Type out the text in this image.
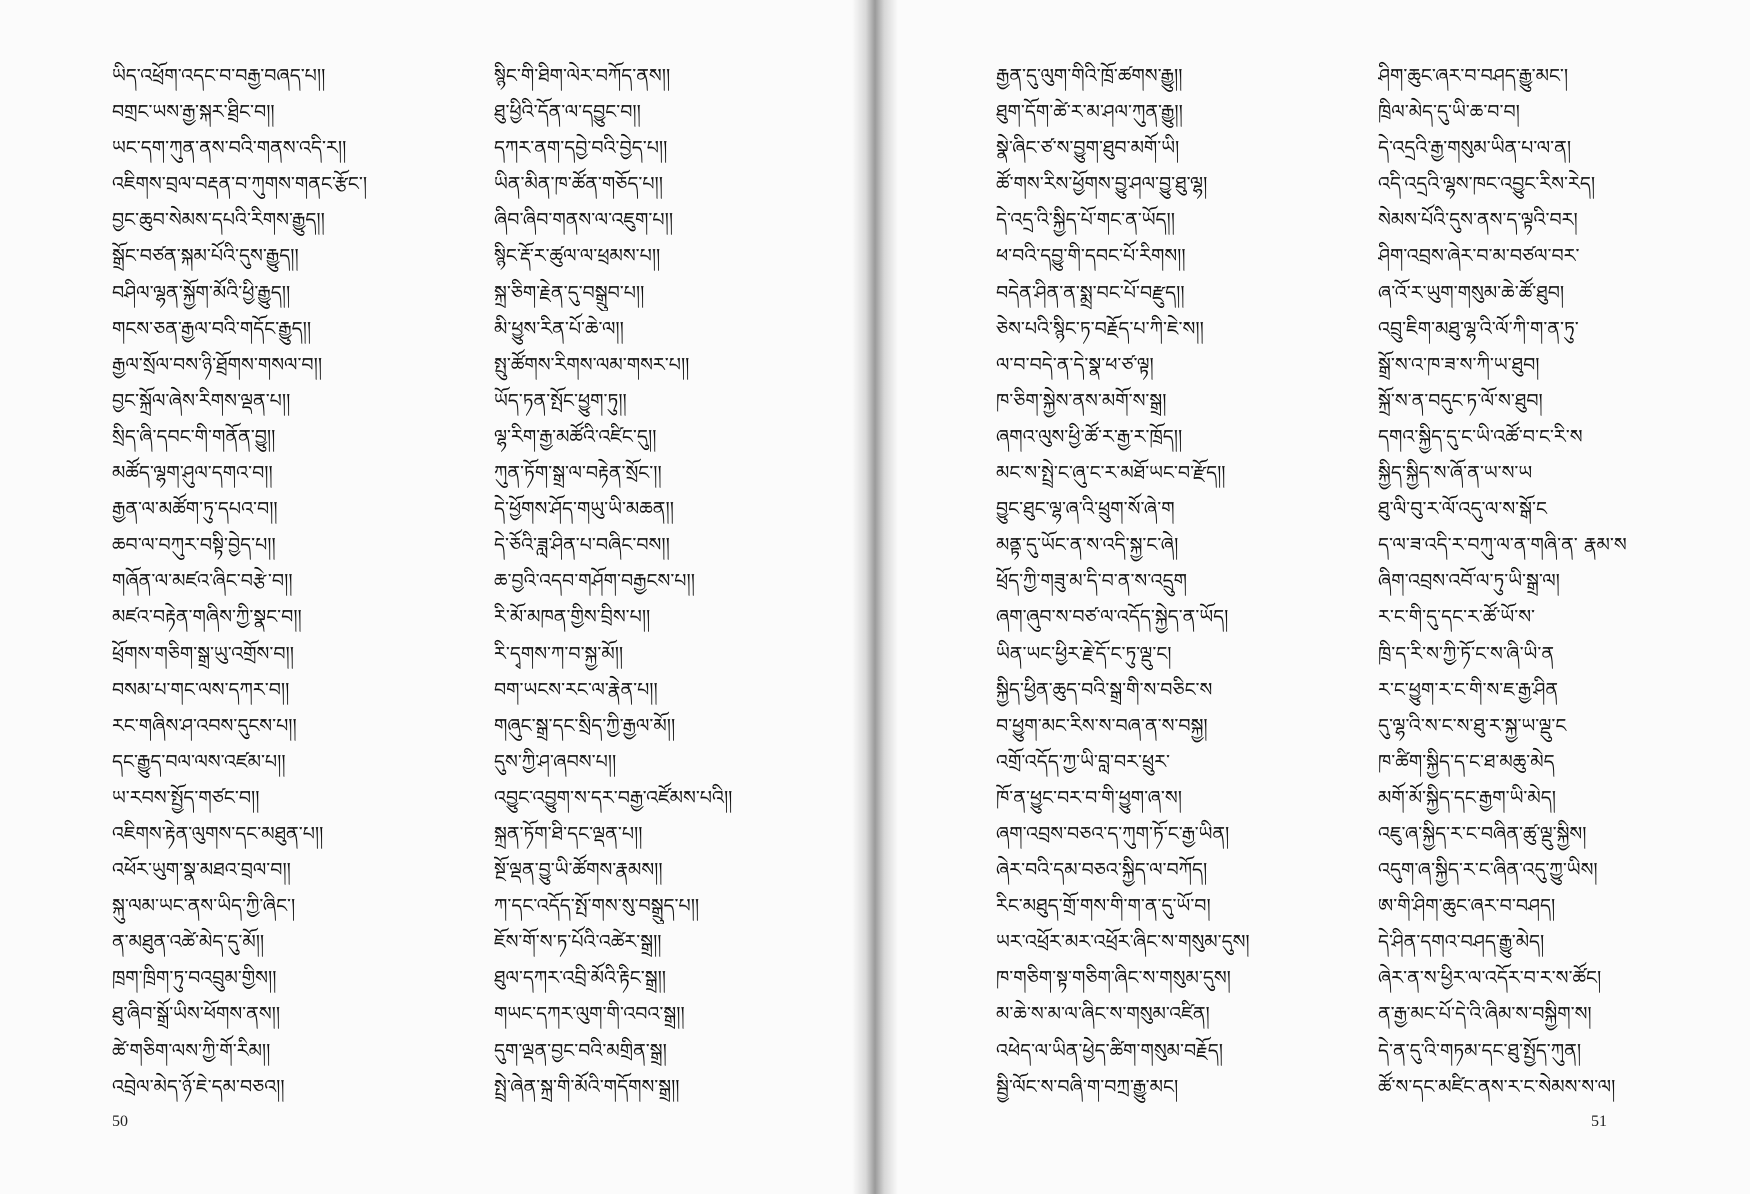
ཡིད་འཕྲོག་འདང་བ་བརྒྱ་བཞད་པ།།
བགྲང་ཡས་རྒྱ་སྐར་ཐྲིང་བ།།
ཡང་དག་ཀུན་ནས་བའི་གནས་འདི་ར།།
འཇིགས་བྲལ་བརྡན་བ་ཀུགས་གནང་རྩོང་།
བྱང་ཆུབ་སེམས་དཔའི་རིགས་རྒྱུད།།
སྒྲོང་བཙན་སྐམ་པོའི་དུས་རྒྱུད།།
བཤིལ་ལྷན་སྐྱོག་མོའི་ཕྱི་རྒྱུད།།
གངས་ཅན་རྒྱལ་བའི་གདོང་རྒྱུད།།
རྒྱལ་སྲོལ་བས་ཉི་ཐྲོགས་གསལ་བ།།
བྱང་སྐྲོལ་ཞེས་རིགས་ལྡན་པ།།
སྲིད་ཞི་དབང་གི་གནོན་བྱུ།།
མཚོད་ལྷག་ཤུལ་དགའ་བ།།
རྒྱན་ལ་མཚོག་ཏུ་དཔའ་བ།།
ཆབ་ལ་བཀུར་བསྟི་བྱེད་པ།།
གཞོན་ལ་མཛའ་ཞིང་བརྩེ་བ།།
མཛའ་བརྟེན་གཞིས་ཀྱི་སྣང་བ།།
ཕྲོགས་གཅིག་སྒྲ་ཡུ་འགྲོས་བ།།
བསམ་པ་གང་ལས་དཀར་བ།།
རང་གཞིས་ཤ་འབས་དུངས་པ།།
དང་རྒྱུད་བལ་ལས་འཛམ་པ།།
ཡ་རབས་སྤྱོད་གཙང་བ།།
འཇིགས་རྟེན་ལུགས་དང་མཐུན་པ།།
འཕོར་ཡུག་སྣ་མཐའ་བྲལ་བ།།
སྐུ་ལམ་ཡང་ནས་ཡིད་ཀྱི་ཞིང་།
ན་མཐུན་འཚེ་མེད་དུ་མོ།།
ཁྲག་ཁྲིག་ཏུ་བའབྲུམ་གྱིས།།
ཐུ་ཞིབ་སྒྲོ་ཡིས་ཕོགས་ནས།།
ཚེ་གཅིག་ལས་ཀྱི་གོ་རིམ།།
འབྲེལ་མེད་ཉོ་ཇེ་དམ་བཅའ།།
སྙིང་གི་ཐིག་ལེར་བཀོད་ནས།།
ཐུ་ཕྱིའི་དོན་ལ་དབྱུང་བ།།
དཀར་ནག་དབྱེ་བའི་བྱེད་པ།།
ཡིན་མིན་ཁ་ཚོན་གཅོད་པ།།
ཞིབ་ཞིབ་གནས་ལ་འཇུག་པ།།
སྙིང་རྡོ་ར་ཚུལ་ལ་ཕྲམས་པ།།
སྐྲ་ཅིག་རྗེན་དུ་བསྒྲུབ་པ།།
མི་ཕྱུས་རིན་པོ་ཆེ་ལ།།
སྤུ་ཚོགས་རིགས་ལམ་གསར་པ།།
ཡོད་ཏན་སྤོང་ཕྱུག་ཏུ།།
ལྷ་རིག་རྒྱ་མཚོའི་འཛིང་དུ།།
ཀུན་ཏོག་སྒྲ་ལ་བརྟེན་སྲོང་།།
དེ་ཕྱོགས་ཤོད་གཡུ་ཡི་མཆན།།
དེ་ཅོའི་ཟླ་ཤིན་པ་བཞིང་བས།།
ཆ་བྱའི་འདབ་གཤོག་བརྒྱངས་པ།།
རི་མོ་མཁན་གྱིས་བྲིས་པ།།
རི་དྭགས་ཀ་བ་སྐྱ་མོ།།
བག་ཡངས་རང་ལ་རྣེན་པ།།
གཞུང་སྒྲ་དང་སྲིད་ཀྱི་རྒྱལ་མོ།།
དུས་ཀྱི་ཤ་ཞབས་པ།།
འབྱུང་འབྱུག་ས་དར་བརྒྱ་འཛོམས་པའི།།
སྐྲན་ཏོག་ཐི་དང་ལྡན་པ།།
སྔོ་ལྡན་བྱུ་ཡི་ཚོགས་རྣམས།།
ཀ་དང་འདོད་སྤོ་གས་སུ་བསྒྲུད་པ།།
ཇོས་གོ་ས་ཏ་པོའི་འཚེར་སྒྲ།།
ཐུལ་དཀར་འབྲི་མོའི་རྟིང་སྒྲ།།
གཡང་དཀར་ལུག་གི་འབའ་སྒྲ།།
དུག་ལྡན་བྱང་བའི་མགྲིན་སྒྲ།
སྤྲེ་ཞེན་སྐྲ་གི་མོའི་གདོགས་སྒྲ།།
50
རྒྱན་དུ་ལུག་གིའི་ཁྲོ་ཚགས་རྒྱུ།།
ཐུག་དོག་ཚེ་ར་མ་ཤལ་ཀུན་རྒྱུ།།
སྣེ་ཞིང་ཙ་ས་བྱུག་ཐུབ་མགོ་ཡི།
ཚོ་གས་རིས་ཕྱོགས་བྱུ་ཤལ་བྱུ་ཐུ་ལྷ།
དེ་འདྲ་འི་སྐྱིད་པོ་གང་ན་ཡོད།།
ཕ་བའི་དབྱུ་གི་དབང་པོ་རིགས།།
བདེན་ཤིན་ན་སྨྲ་བང་པོ་བརྫུད།།
ཅེས་པའི་སྙིང་ཏ་བརྗོད་པ་ཀི་ཇེ་ས།།
ལ་བ་བདེ་ན་དེ་སྣ་ཕ་ཙ་ལྟ།
ཁ་ཅིག་སྐྱེས་ནས་མགོ་ས་སྒྲ།
ཞགའ་ལུས་ཕྱི་ཚོ་ར་རྒྱ་ར་ཁྲོད།།
མང་ས་སྤྲེ་ང་ཞུ་ང་ར་མཐོ་ཡང་བ་རྫོད།།
བྱུང་ཐུང་ལྷ་ཞ་འི་ཕྲུག་སོ་ཞེ་ག
མནྟ་དུ་ཡོང་ན་ས་འདི་སྐྱ་ང་ཞེ།
ཕྲོད་ཀྱི་གཟུ་མ་དི་བ་ན་ས་འདྲུག
ཞག་ཞུབ་ས་བཙ་ལ་འདོད་སྐྱེད་ན་ཡོད།
ཡིན་ཡང་ཕྱིར་རྗེ་དོ་ང་ཏུ་ལྡུ་ང།
སྐྱིད་ཕྱིན་ཆུད་བའི་སྒྲ་གི་ས་བཅིང་ས
བ་ཕྱུག་མང་རིས་ས་བཞ་ན་ས་བསྐྱ།
འགྲོ་འདོད་ཀྱ་ཡི་བླ་བར་ཕྲུར་
ཁོ་ན་ཕྱུང་བར་བ་གི་ཕྱུག་ཞ་ས།
ཞག་འབྲས་བཅའ་ད་ཀུག་ཏོ་ང་རྒྱ་ཡིན།
ཞེར་བའི་དམ་བཅའ་སྐྱིད་ལ་བཀོད།
རིང་མཐུད་གྲོ་གས་གི་ག་ན་དུ་ཡོ་བ།
ཡར་འཕྲོར་མར་འཕྲོར་ཞིང་ས་གསུམ་དུས།
ཁ་གཅིག་སྟ་གཅིག་ཞིང་ས་གསུམ་དུས།
མ་ཆེ་ས་མ་ལ་ཞིང་ས་གསུམ་འཛིན།
འཕེད་ལ་ཡིན་ཕྱེད་ཚིག་གསུམ་བརྗོད།
སྦྱི་ལོང་ས་བཞི་ག་བཀྲ་རྒྱུ་མང།
ཤིག་ཆུང་ཞར་བ་བཤད་རྒྱུ་མང་།
ཁྲིལ་མེད་དུ་ཡི་ཆ་བ་བ།
དེ་འདྲའི་རྒྱ་གསུམ་ཡིན་པ་ལ་ན།
འདི་འདྲའི་ལྷས་ཁང་འབྱུང་རིས་རེད།
སེམས་པོའི་དུས་ནས་ད་ལྟའི་བར།
ཤིག་འབྲས་ཞེར་བ་མ་བཙལ་བར་
ཞ་འོ་ར་ཡུག་གསུམ་ཆེ་ཚོ་ཐུབ།
འབྲུ་ཇིག་མཐུ་ལྷ་འི་ལོ་ཀི་ག་ན་ཏུ་
སྒྲོ་ས་འ་ཁ་ཟ་ས་ཀི་ཡ་ཐུབ།
སྐྲོ་ས་ན་བདུང་ཏ་ལོ་ས་ཐུབ།
དགའ་སྐྱིད་དུ་ང་ཡི་འཚོ་བ་ང་རི་ས
སྐྱིད་སྐྱིད་ས་ཞོ་ན་ཡ་ས་ཡ
ཐུ་ལི་བུ་ར་ལོ་འདུ་ལ་ས་སྒོ་ང
ད་ལ་ཟ་འདི་ར་བཀུ་ལ་ན་གཞི་ན་ རྣམ་ས
ཞིག་འབྲས་འབོ་ལ་ཏུ་ཡི་སྒྲ་ལ།
ར་ང་གི་དུ་དང་ར་ཚོ་ཡོ་ས་
ཁྲི་ད་རི་ས་ཀྱི་ཏོ་ང་ས་ཞི་ཡི་ན
ར་ང་ཕྱུག་ར་ང་གི་ས་ཇ་རྒྱ་ཤིན
དུ་ལྷ་འི་ས་ང་ས་ཐུ་ར་སྐྱ་ཡ་ལྡུ་ང
ཁ་ཚིག་སྐྱིད་ད་ང་ཐ་མཆུ་མེད
མགོ་མོ་སྐྱིད་དང་རྒྱག་ཡི་མེད།
འཇུ་ཞ་སྐྱིད་ར་ང་བཞིན་ཚུ་ལྡུ་སྐྱིས།
འདུག་ཞ་སྐྱིད་ར་ང་ཞིན་འདུ་ཀྱུ་ཡིས།
ཨ་གི་ཤིག་ཆུང་ཞར་བ་བཤད།
དེ་ཤིན་དགའ་བཤད་རྒྱུ་མེད།
ཞེར་ན་ས་ཕྱིར་ལ་འདོར་བ་ར་ས་ཚོང།
ན་རྒྱ་མང་པོ་དེ་འི་ཞིམ་ས་བསྐྱིག་ས།
དེ་ན་དུ་འི་གཏམ་དང་ཐུ་སྤྱོད་ཀུན།
ཚོ་ས་དང་མཛིང་ནས་ར་ང་སེམས་ས་ལ།
51
